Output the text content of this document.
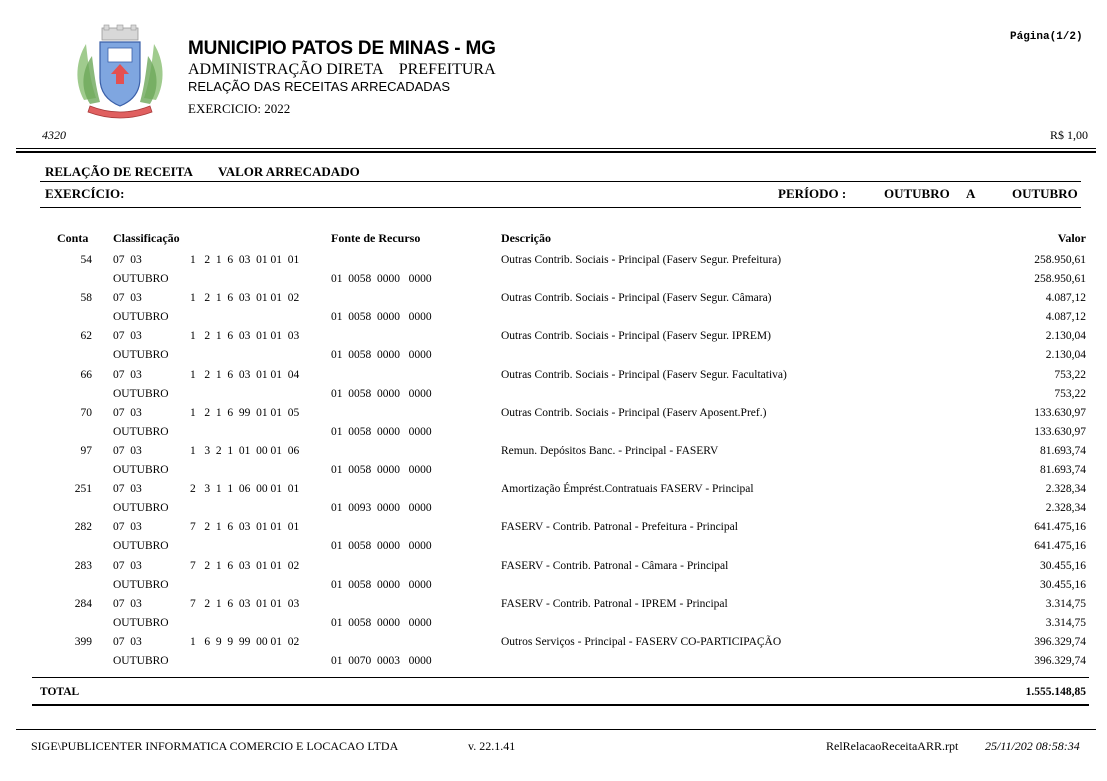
MUNICIPIO PATOS DE MINAS - MG
ADMINISTRAÇÃO DIRETA    PREFEITURA
RELAÇÃO DAS RECEITAS ARRECADADAS
EXERCICIO: 2022
Página(1/2)
4320	R$ 1,00
RELAÇÃO DE RECEITA VALOR ARRECADADO
EXERCÍCIO:	PERÍODO :	OUTUBRO A	OUTUBRO
Conta Classificação	Fonte de Recurso	Descrição	Valor
54 07  03	1   2  1  6  03  01 01  01	Outras Contrib. Sociais - Principal (Faserv Segur. Prefeitura)	258.950,61
OUTUBRO	01  0058  0000   0000	258.950,61
58 07  03	1   2  1  6  03  01 01  02	Outras Contrib. Sociais - Principal (Faserv Segur. Câmara)	4.087,12
OUTUBRO	01  0058  0000   0000	4.087,12
62 07  03	1   2  1  6  03  01 01  03	Outras Contrib. Sociais - Principal (Faserv Segur. IPREM)	2.130,04
OUTUBRO	01  0058  0000   0000	2.130,04
66 07  03	1   2  1  6  03  01 01  04	Outras Contrib. Sociais - Principal (Faserv Segur. Facultativa)	753,22
OUTUBRO	01  0058  0000   0000	753,22
70 07  03	1   2  1  6  99  01 01  05	Outras Contrib. Sociais - Principal (Faserv Aposent.Pref.)	133.630,97
OUTUBRO	01  0058  0000   0000	133.630,97
97 07  03	1   3  2  1  01  00 01  06	Remun. Depósitos Banc. - Principal - FASERV	81.693,74
OUTUBRO	01  0058  0000   0000	81.693,74
251 07  03	2   3  1  1  06  00 01  01	Amortização Émprést.Contratuais FASERV - Principal	2.328,34
OUTUBRO	01  0093  0000   0000	2.328,34
282 07  03	7   2  1  6  03  01 01  01	FASERV - Contrib. Patronal - Prefeitura - Principal	641.475,16
OUTUBRO	01  0058  0000   0000	641.475,16
283 07  03	7   2  1  6  03  01 01  02	FASERV - Contrib. Patronal - Câmara - Principal	30.455,16
OUTUBRO	01  0058  0000   0000	30.455,16
284 07  03	7   2  1  6  03  01 01  03	FASERV - Contrib. Patronal - IPREM - Principal	3.314,75
OUTUBRO	01  0058  0000   0000	3.314,75
399 07  03	1   6  9  9  99  00 01  02	Outros Serviços - Principal - FASERV CO-PARTICIPAÇÃO	396.329,74
OUTUBRO	01  0070  0003   0000	396.329,74
TOTAL	1.555.148,85
SIGE\PUBLICENTER INFORMATICA COMERCIO E LOCACAO LTDA	v. 22.1.41	RelRelacaoReceitaARR.rpt 25/11/202 08:58:34
